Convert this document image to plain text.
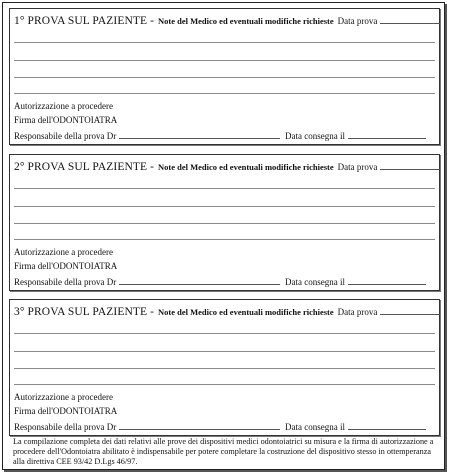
1° PROVA SUL PAZIENTE - Note del Medico ed eventuali modifiche richieste Data prova
Autorizzazione a procedere
Firma dell'ODONTOIATRA
Responsabile della prova Dr	Data consegna il
2° PROVA SUL PAZIENTE - Note del Medico ed eventuali modifiche richieste Data prova
Autorizzazione a procedere
Firma dell'ODONTOIATRA
Responsabile della prova Dr	Data consegna il
3° PROVA SUL PAZIENTE - Note del Medico ed eventuali modifiche richieste Data prova
Autorizzazione a procedere
Firma dell'ODONTOIATRA
Responsabile della prova Dr	Data consegna il
La compilazione completa dei dati relativi alle prove dei dispositivi medici odontoiatrici su misura e la firma di autorizzazione a procedere dell'Odontoiatra abilitato è indispensabile per potere completare la costruzione del dispositivo stesso in ottemperanza alla direttiva CEE 93/42 D.Lgs 46/97.
